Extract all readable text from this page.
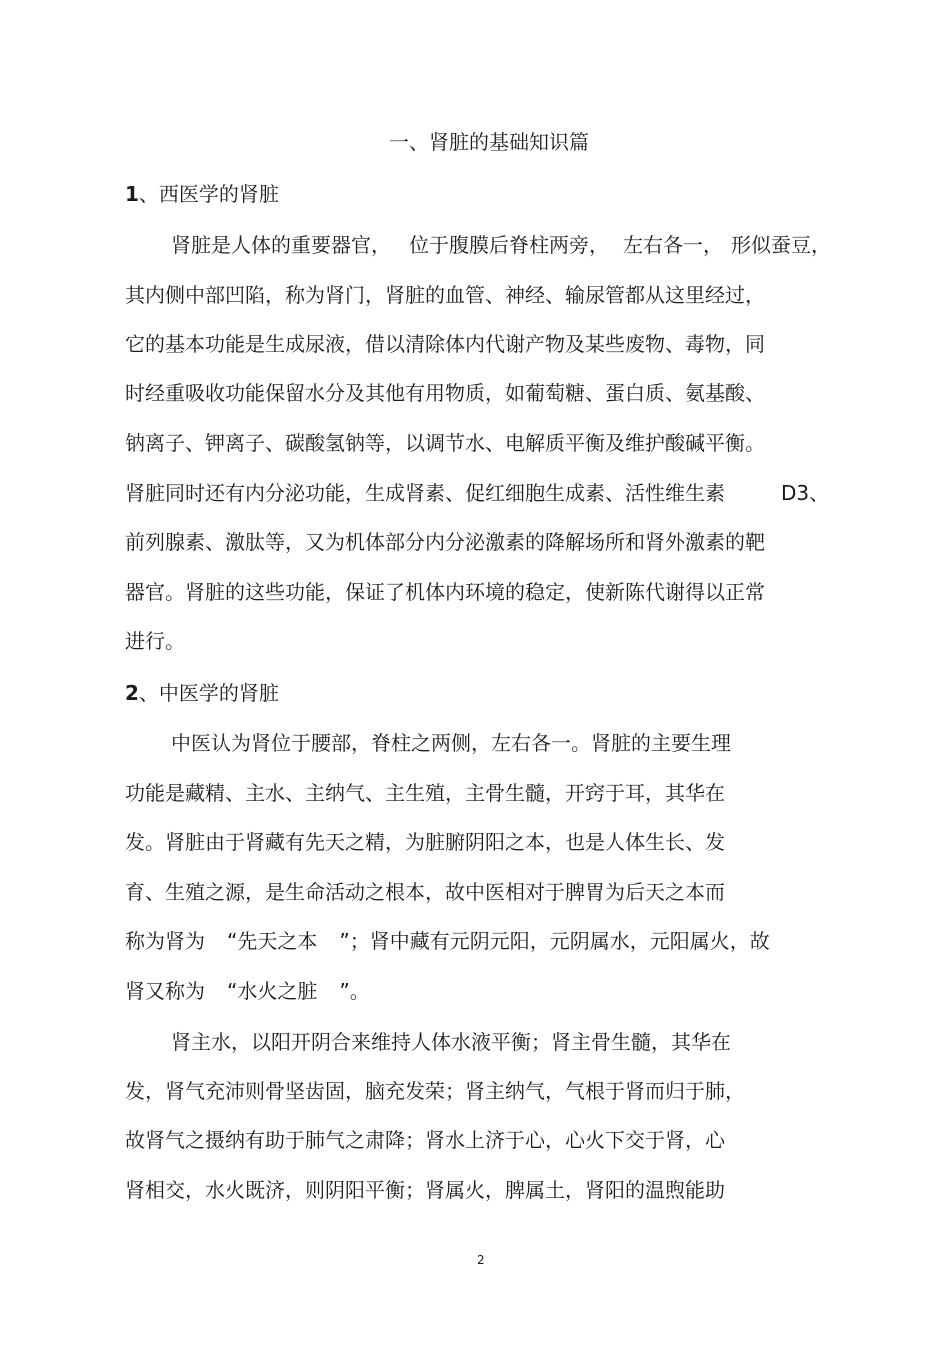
一、肾脏的基础知识篇
1、西医学的肾脏
肾脏是人体的重要器官， 位于腹膜后脊柱两旁， 左右各一， 形似蚕豆，
其内侧中部凹陷，称为肾门，肾脏的血管、神经、输尿管都从这里经过，
它的基本功能是生成尿液，借以清除体内代谢产物及某些废物、毒物，同
时经重吸收功能保留水分及其他有用物质，如葡萄糖、蛋白质、氨基酸、
钠离子、钾离子、碳酸氢钠等，以调节水、电解质平衡及维护酸碱平衡。
肾脏同时还有内分泌功能，生成肾素、促红细胞生成素、活性维生素	D3、
前列腺素、激肽等，又为机体部分内分泌激素的降解场所和肾外激素的靶
器官。肾脏的这些功能，保证了机体内环境的稳定，使新陈代谢得以正常
进行。
2、中医学的肾脏
中医认为肾位于腰部，脊柱之两侧，左右各一。肾脏的主要生理
功能是藏精、主水、主纳气、主生殖，主骨生髓，开窍于耳，其华在
发。肾脏由于肾藏有先天之精，为脏腑阴阳之本，也是人体生长、发
育、生殖之源，是生命活动之根本，故中医相对于脾胃为后天之本而
称为肾为 “先天之本 ”；肾中藏有元阴元阳，元阴属水，元阳属火，故
肾又称为 “水火之脏 ”。
肾主水，以阳开阴合来维持人体水液平衡；肾主骨生髓，其华在
发，肾气充沛则骨坚齿固，脑充发荣；肾主纳气，气根于肾而归于肺，
故肾气之摄纳有助于肺气之肃降；肾水上济于心，心火下交于肾，心
肾相交，水火既济，则阴阳平衡；肾属火，脾属土，肾阳的温煦能助
2
